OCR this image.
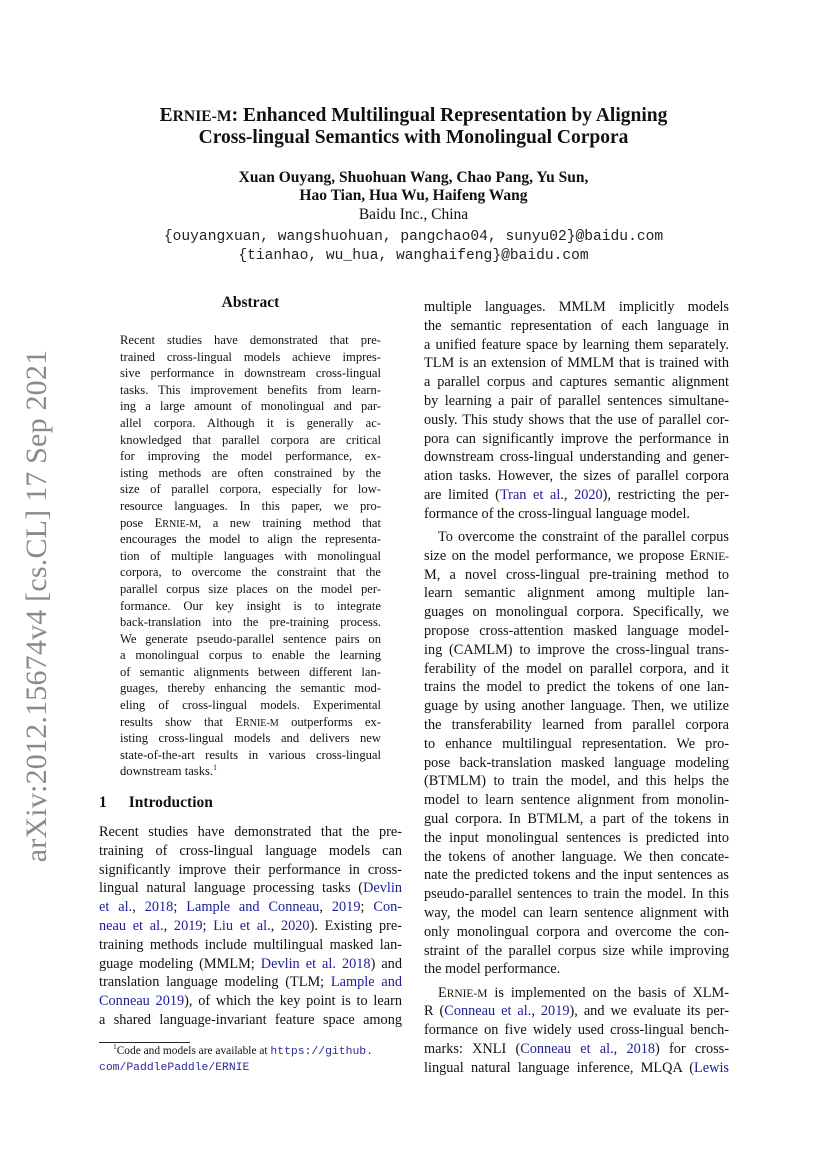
arXiv:2012.15674v4 [cs.CL] 17 Sep 2021
ERNIE-M: Enhanced Multilingual Representation by Aligning
Cross-lingual Semantics with Monolingual Corpora
Xuan Ouyang, Shuohuan Wang, Chao Pang, Yu Sun,
Hao Tian, Hua Wu, Haifeng Wang
Baidu Inc., China
{ouyangxuan, wangshuohuan, pangchao04, sunyu02}@baidu.com
{tianhao, wu_hua, wanghaifeng}@baidu.com
Abstract
Recent studies have demonstrated that pre-
trained cross-lingual models achieve impres-
sive performance in downstream cross-lingual
tasks. This improvement benefits from learn-
ing a large amount of monolingual and par-
allel corpora. Although it is generally ac-
knowledged that parallel corpora are critical
for improving the model performance, ex-
isting methods are often constrained by the
size of parallel corpora, especially for low-
resource languages. In this paper, we pro-
pose ERNIE-M, a new training method that
encourages the model to align the representa-
tion of multiple languages with monolingual
corpora, to overcome the constraint that the
parallel corpus size places on the model per-
formance. Our key insight is to integrate
back-translation into the pre-training process.
We generate pseudo-parallel sentence pairs on
a monolingual corpus to enable the learning
of semantic alignments between different lan-
guages, thereby enhancing the semantic mod-
eling of cross-lingual models. Experimental
results show that ERNIE-M outperforms ex-
isting cross-lingual models and delivers new
state-of-the-art results in various cross-lingual
downstream tasks.$^1$
1 Introduction
Recent studies have demonstrated that the pre-
training of cross-lingual language models can
significantly improve their performance in cross-
lingual natural language processing tasks (Devlin
et al., 2018; Lample and Conneau, 2019; Con-
neau et al., 2019; Liu et al., 2020). Existing pre-
training methods include multilingual masked lan-
guage modeling (MMLM; Devlin et al. 2018) and
translation language modeling (TLM; Lample and
Conneau 2019), of which the key point is to learn
a shared language-invariant feature space among
multiple languages. MMLM implicitly models
the semantic representation of each language in
a unified feature space by learning them separately.
TLM is an extension of MMLM that is trained with
a parallel corpus and captures semantic alignment
by learning a pair of parallel sentences simultane-
ously. This study shows that the use of parallel cor-
pora can significantly improve the performance in
downstream cross-lingual understanding and gener-
ation tasks. However, the sizes of parallel corpora
are limited (Tran et al., 2020), restricting the per-
formance of the cross-lingual language model.
To overcome the constraint of the parallel corpus
size on the model performance, we propose ERNIE-
M, a novel cross-lingual pre-training method to
learn semantic alignment among multiple lan-
guages on monolingual corpora. Specifically, we
propose cross-attention masked language model-
ing (CAMLM) to improve the cross-lingual trans-
ferability of the model on parallel corpora, and it
trains the model to predict the tokens of one lan-
guage by using another language. Then, we utilize
the transferability learned from parallel corpora
to enhance multilingual representation. We pro-
pose back-translation masked language modeling
(BTMLM) to train the model, and this helps the
model to learn sentence alignment from monolin-
gual corpora. In BTMLM, a part of the tokens in
the input monolingual sentences is predicted into
the tokens of another language. We then concate-
nate the predicted tokens and the input sentences as
pseudo-parallel sentences to train the model. In this
way, the model can learn sentence alignment with
only monolingual corpora and overcome the con-
straint of the parallel corpus size while improving
the model performance.
ERNIE-M is implemented on the basis of XLM-
R (Conneau et al., 2019), and we evaluate its per-
formance on five widely used cross-lingual bench-
marks: XNLI (Conneau et al., 2018) for cross-
lingual natural language inference, MLQA (Lewis
$^1$Code and models are available at https://github.
com/PaddlePaddle/ERNIE
